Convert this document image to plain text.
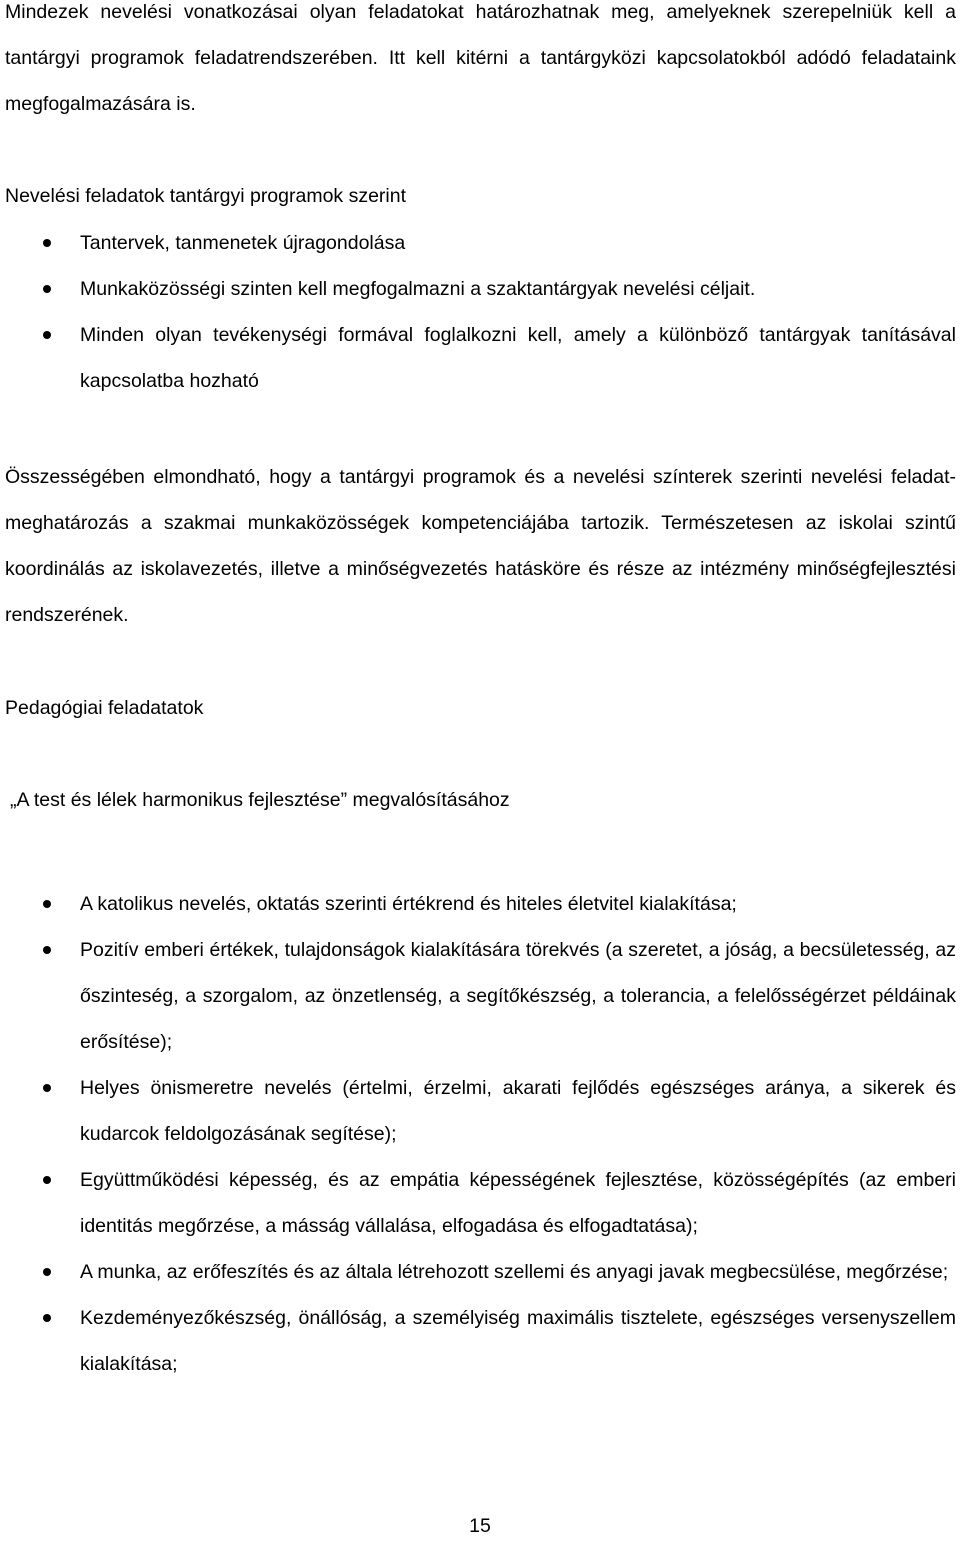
Mindezek nevelési vonatkozásai olyan feladatokat határozhatnak meg, amelyeknek szerepelniük kell a tantárgyi programok feladatrendszerében. Itt kell kitérni a tantárgyközi kapcsolatokból adódó feladataink megfogalmazására is.

Nevelési feladatok tantárgyi programok szerint

Tantervek, tanmenetek újragondolása
Munkaközösségi szinten kell megfogalmazni a szaktantárgyak nevelési céljait.
Minden olyan tevékenységi formával foglalkozni kell, amely a különböző tantárgyak tanításával kapcsolatba hozható

Összességében elmondható, hogy a tantárgyi programok és a nevelési színterek szerinti nevelési feladat-meghatározás a szakmai munkaközösségek kompetenciájába tartozik. Természetesen az iskolai szintű koordinálás az iskolavezetés, illetve a minőségvezetés hatásköre és része az intézmény minőségfejlesztési rendszerének.

Pedagógiai feladatatok

„A test és lélek harmonikus fejlesztése” megvalósításához

A katolikus nevelés, oktatás szerinti értékrend és hiteles életvitel kialakítása;
Pozitív emberi értékek, tulajdonságok kialakítására törekvés (a szeretet, a jóság, a becsületesség, az őszinteség, a szorgalom, az önzetlenség, a segítőkészség, a tolerancia, a felelősségérzet példáinak erősítése);
Helyes önismeretre nevelés (értelmi, érzelmi, akarati fejlődés egészséges aránya, a sikerek és kudarcok feldolgozásának segítése);
Együttműködési képesség, és az empátia képességének fejlesztése, közösségépítés (az emberi identitás megőrzése, a másság vállalása, elfogadása és elfogadtatása);
A munka, az erőfeszítés és az általa létrehozott szellemi és anyagi javak megbecsülése, megőrzése;
Kezdeményezőkészség, önállóság, a személyiség maximális tisztelete, egészséges versenyszellem kialakítása;
15
